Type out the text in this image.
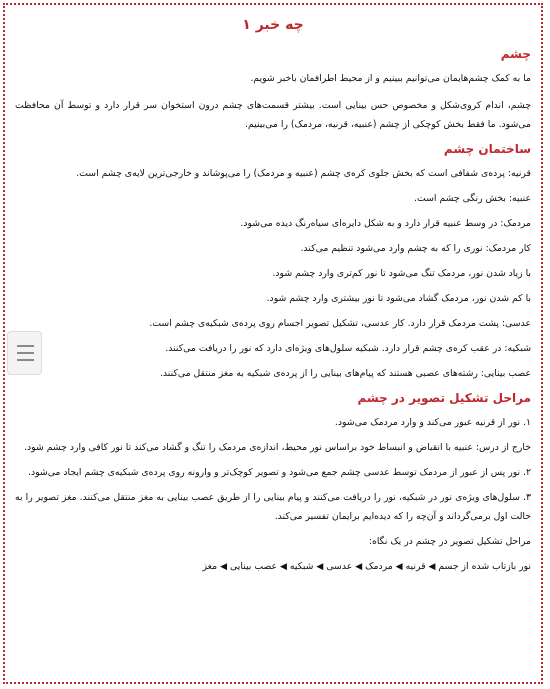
چه خبر ۱
چشم

ما به کمک چشم‌هایمان می‌توانیم ببینیم و از محیط اطرافمان باخبر شویم.

چشم، اندام کروی‌شکل و مخصوص حس بینایی است. بیشتر قسمت‌های چشم درون استخوان سر قرار دارد و توسط آن محافظت می‌شود. ما فقط بخش کوچکی از چشم (عنبیه، قرنیه، مردمک) را می‌بینیم.

ساختمان چشم

قرنیه: پرده‌ی شفافی است که بخش جلوی کره‌ی چشم (عنبیه و مردمک) را می‌پوشاند و خارجی‌ترین لایه‌ی چشم است.

عنبیه: بخش رنگی چشم است.

مردمک: در وسط عنبیه قرار دارد و به شکل دایره‌ای سیاه‌رنگ دیده می‌شود.

کار مردمک: نوری را که به چشم وارد می‌شود تنظیم می‌کند.

با زیاد شدن نور، مردمک تنگ می‌شود تا نور کم‌تری وارد چشم شود.

با کم شدن نور، مردمک گشاد می‌شود تا نور بیشتری وارد چشم شود.

عدسی: پشت مردمک قرار دارد. کار عدسی، تشکیل تصویر اجسام روی پرده‌ی شبکیه‌ی چشم است.

شبکیه: در عقب کره‌ی چشم قرار دارد. شبکیه سلول‌های ویژه‌ای دارد که نور را دریافت می‌کنند.

عصب بینایی: رشته‌های عصبی هستند که پیام‌های بینایی را از پرده‌ی شبکیه به مغز منتقل می‌کنند.

مراحل تشکیل تصویر در چشم

۱. نور از قرنیه عبور می‌کند و وارد مردمک می‌شود.

خارج از درس: عنبیه با انقباض و انبساط خود براساس نور محیط، اندازه‌ی مردمک را تنگ و گشاد می‌کند تا نور کافی وارد چشم شود.

۲. نور پس از عبور از مردمک توسط عدسی چشم جمع می‌شود و تصویر کوچک‌تر و وارونه روی پرده‌ی شبکیه‌ی چشم ایجاد می‌شود.

۳. سلول‌های ویژه‌ی نور در شبکیه، نور را دریافت می‌کنند و پیام بینایی را از طریق عصب بینایی به مغز منتقل می‌کنند. مغز تصویر را به حالت اول برمی‌گرداند و آن‌چه را که دیده‌ایم برایمان تفسیر می‌کند.

مراحل تشکیل تصویر در چشم در یک نگاه:

نور بازتاب شده از جسم ◀ قرنیه ◀ مردمک ◀ عدسی ◀ شبکیه ◀ عصب بینایی ◀ مغز
